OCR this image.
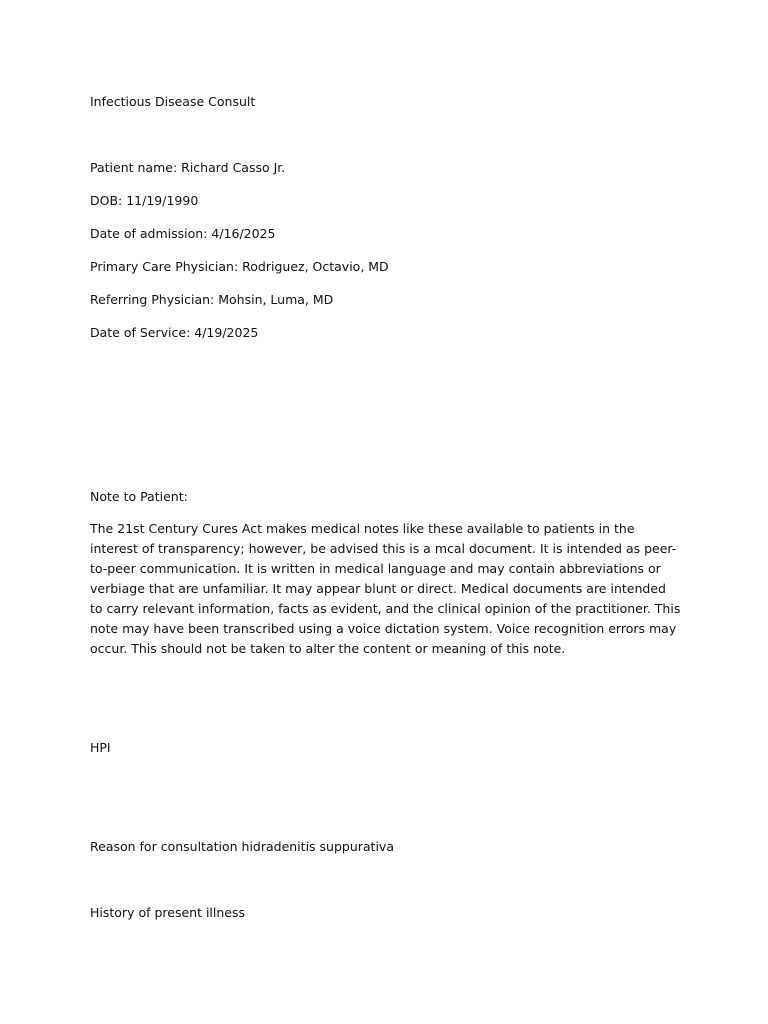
Infectious Disease Consult
Patient name: Richard Casso Jr.
DOB: 11/19/1990
Date of admission: 4/16/2025
Primary Care Physician: Rodriguez, Octavio, MD
Referring Physician: Mohsin, Luma, MD
Date of Service: 4/19/2025
Note to Patient:
The 21st Century Cures Act makes medical notes like these available to patients in the interest of transparency; however, be advised this is a mcal document. It is intended as peer-to-peer communication. It is written in medical language and may contain abbreviations or verbiage that are unfamiliar. It may appear blunt or direct. Medical documents are intended to carry relevant information, facts as evident, and the clinical opinion of the practitioner. This note may have been transcribed using a voice dictation system. Voice recognition errors may occur. This should not be taken to alter the content or meaning of this note.
HPI
Reason for consultation hidradenitis suppurativa
History of present illness
